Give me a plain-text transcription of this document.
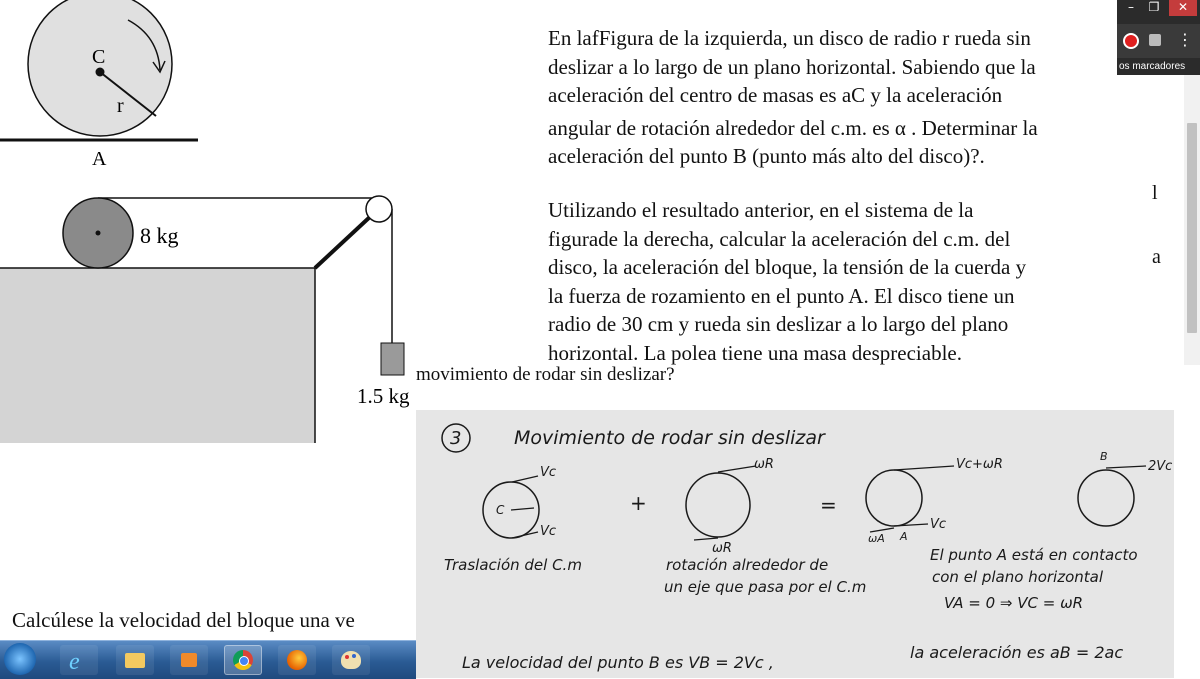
C
r
A
8 kg
1.5 kg
En lafFigura de la izquierda, un disco de radio r rueda sin
deslizar a lo largo de un plano horizontal. Sabiendo que la
aceleración del centro de masas es aC y la aceleración
angular de rotación alrededor del c.m. es α . Determinar la
aceleración del punto B (punto más alto del disco)?.
Utilizando el resultado anterior, en el sistema de la
figurade la derecha, calcular la aceleración del c.m. del
disco, la aceleración del bloque, la tensión de la cuerda y
la fuerza de rozamiento en el punto A. El disco tiene un
radio de 30 cm y rueda sin deslizar a lo largo del plano
horizontal. La polea tiene una masa despreciable.
movimiento de rodar sin deslizar?
l
a
Calcúlese la velocidad del bloque una ve
–	❐	✕
⋮
os marcadores
3	Movimiento de rodar sin deslizar
Vc
Vc
C	+
ωR
ωR
=
Vc+ωR
Vc
ωA A
B
2Vc
Traslación del C.m	rotación alrededor de
un eje que pasa por el C.m
El punto A está en contacto
con el plano horizontal
VA = 0 ⇒ VC = ωR
La velocidad del punto B es VB = 2Vc ,
la aceleración es aB = 2ac
e
